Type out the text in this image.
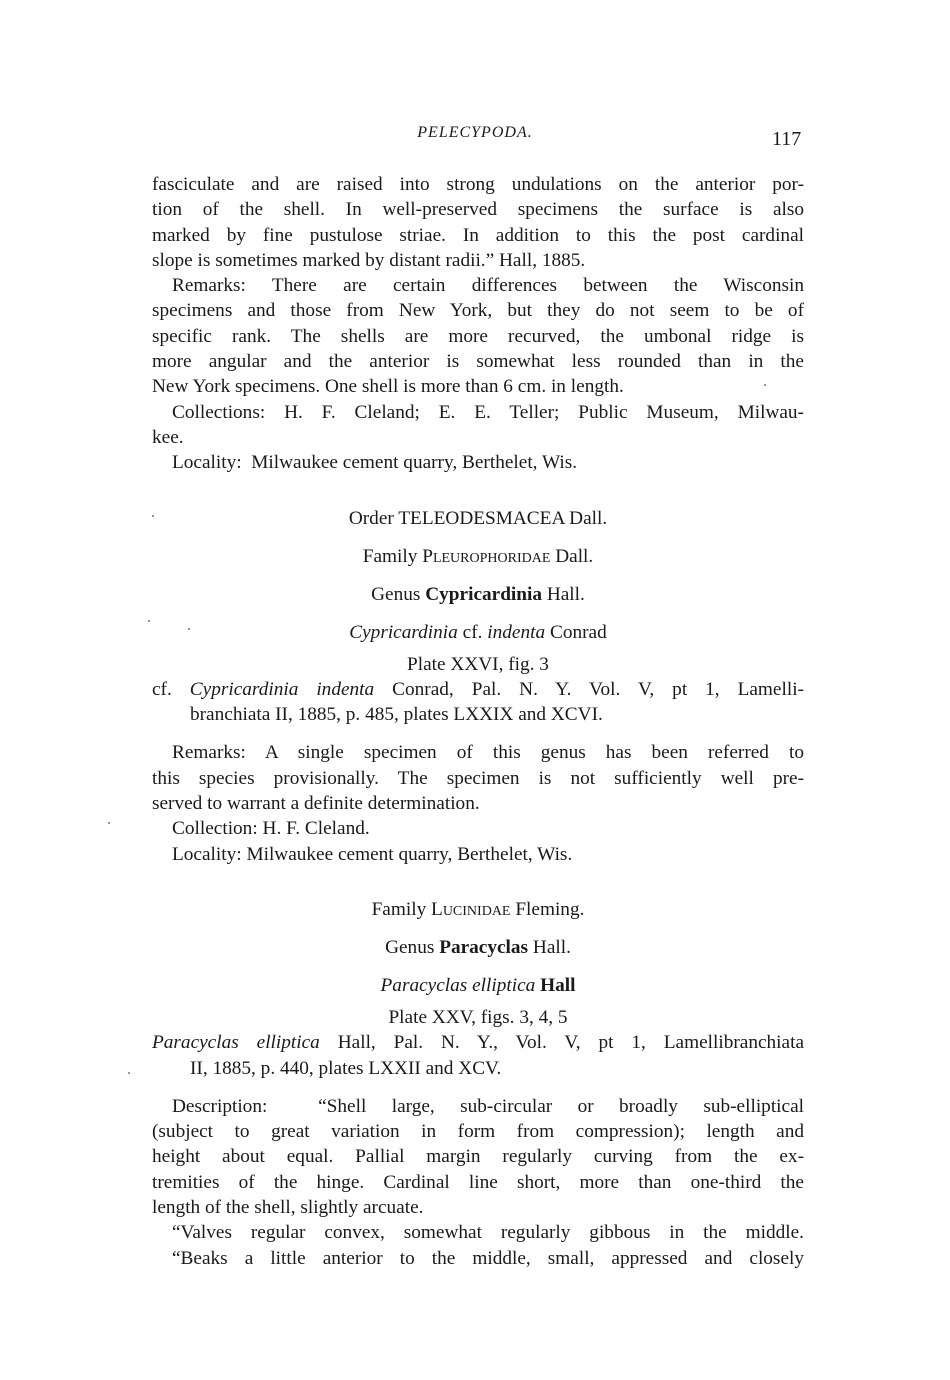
PELECYPODA.	117
fasciculate and are raised into strong undulations on the anterior por-
tion of the shell. In well-preserved specimens the surface is also
marked by fine pustulose striae. In addition to this the post cardinal
slope is sometimes marked by distant radii.” Hall, 1885.
Remarks: There are certain differences between the Wisconsin
specimens and those from New York, but they do not seem to be of
specific rank. The shells are more recurved, the umbonal ridge is
more angular and the anterior is somewhat less rounded than in the
New York specimens. One shell is more than 6 cm. in length.
Collections: H. F. Cleland; E. E. Teller; Public Museum, Milwau-
kee.
Locality: Milwaukee cement quarry, Berthelet, Wis.
Order TELEODESMACEA Dall.
Family Pleurophoridae Dall.
Genus Cypricardinia Hall.
Cypricardinia cf. indenta Conrad
Plate XXVI, fig. 3
cf. Cypricardinia indenta Conrad, Pal. N. Y. Vol. V, pt 1, Lamelli-
branchiata II, 1885, p. 485, plates LXXIX and XCVI.
Remarks: A single specimen of this genus has been referred to
this species provisionally. The specimen is not sufficiently well pre-
served to warrant a definite determination.
Collection: H. F. Cleland.
Locality: Milwaukee cement quarry, Berthelet, Wis.
Family Lucinidae Fleming.
Genus Paracyclas Hall.
Paracyclas elliptica Hall
Plate XXV, figs. 3, 4, 5
Paracyclas elliptica Hall, Pal. N. Y., Vol. V, pt 1, Lamellibranchiata
II, 1885, p. 440, plates LXXII and XCV.
Description:	“Shell large, sub-circular or broadly sub-elliptical
(subject to great variation in form from compression); length and
height about equal. Pallial margin regularly curving from the ex-
tremities of the hinge. Cardinal line short, more than one-third the
length of the shell, slightly arcuate.
“Valves regular convex, somewhat regularly gibbous in the middle.
“Beaks a little anterior to the middle, small, appressed and closely
